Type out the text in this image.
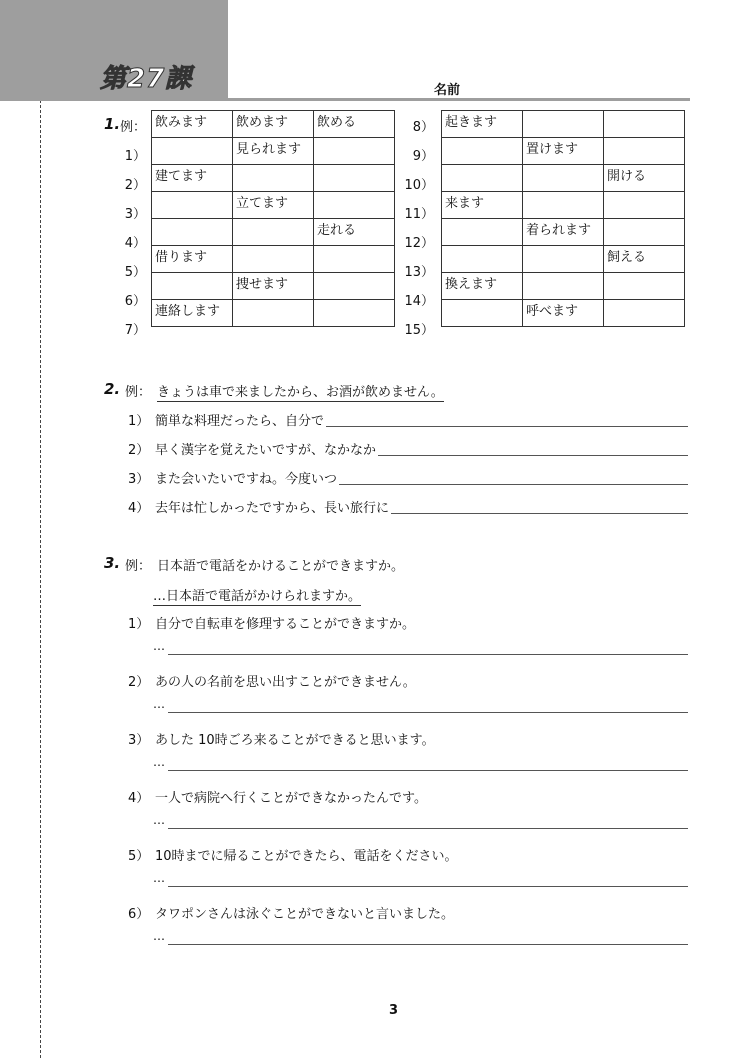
第27課	名前
1. 例：
1）
2）
3）
4）
5）
6）
7）
飲みます	飲めます	飲める
	見られます	
建てます		
	立てます	
		走れる
借ります		
	捜せます	
連絡します		
8）
9）
10）
11）
12）
13）
14）
15）
起きます		
	置けます	
		開ける
来ます		
	着られます	
		飼える
換えます		
	呼べます	
2. 例： きょうは車で来ましたから、お酒が飲めません。
1） 簡単な料理だったら、自分で
2） 早く漢字を覚えたいですが、なかなか
3） また会いたいですね。今度いつ
4） 去年は忙しかったですから、長い旅行に
3. 例： 日本語で電話をかけることができますか。
…日本語で電話がかけられますか。
1） 自分で自転車を修理することができますか。
…
2） あの人の名前を思い出すことができません。
…
3） あした 10時ごろ来ることができると思います。
…
4） 一人で病院へ行くことができなかったんです。
…
5） 10時までに帰ることができたら、電話をください。
…
6） タワポンさんは泳ぐことができないと言いました。
…
3
